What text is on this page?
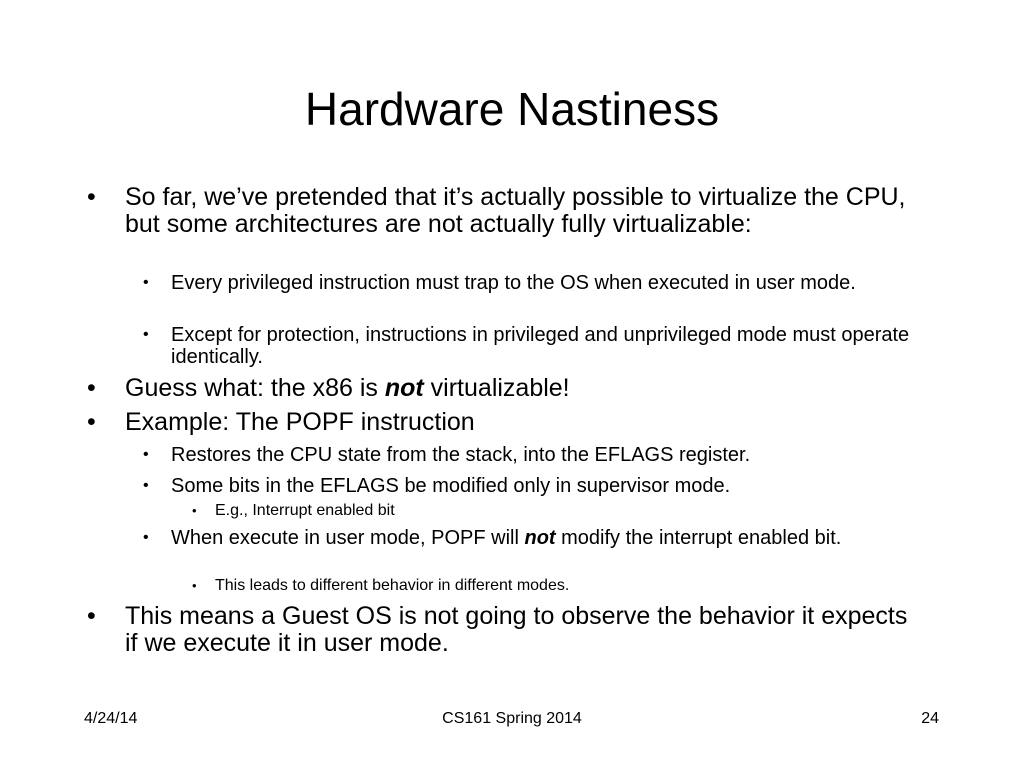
Hardware Nastiness
• So far, we’ve pretended that it’s actually possible to virtualize the CPU, but some architectures are not actually fully virtualizable:
• Every privileged instruction must trap to the OS when executed in user mode.
• Except for protection, instructions in privileged and unprivileged mode must operate identically.
• Guess what: the x86 is not virtualizable!
• Example: The POPF instruction
• Restores the CPU state from the stack, into the EFLAGS register.
• Some bits in the EFLAGS be modified only in supervisor mode.
• E.g., Interrupt enabled bit
• When execute in user mode, POPF will not modify the interrupt enabled bit.
• This leads to different behavior in different modes.
• This means a Guest OS is not going to observe the behavior it expects if we execute it in user mode.
4/24/14	CS161 Spring 2014	24
